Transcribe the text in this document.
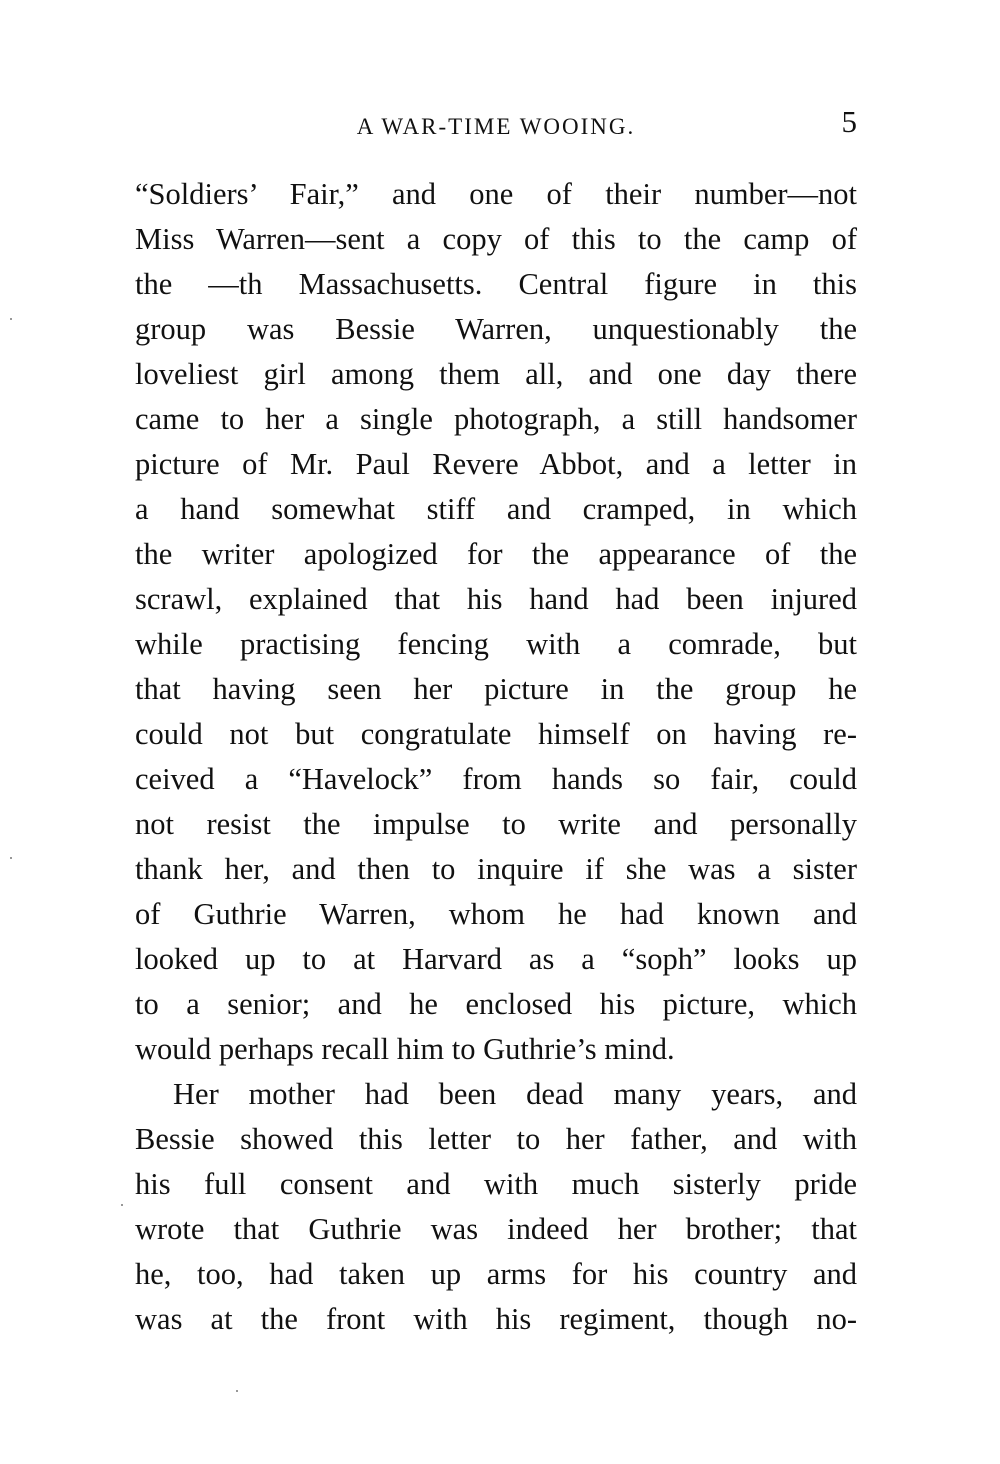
A WAR-TIME WOOING.	5
“Soldiers’ Fair,” and one of their number—not
Miss Warren—sent a copy of this to the camp of
the —th Massachusetts. Central figure in this
group was Bessie Warren, unquestionably the
loveliest girl among them all, and one day there
came to her a single photograph, a still handsomer
picture of Mr. Paul Revere Abbot, and a letter in
a hand somewhat stiff and cramped, in which
the writer apologized for the appearance of the
scrawl, explained that his hand had been injured
while practising fencing with a comrade, but
that having seen her picture in the group he
could not but congratulate himself on having re-
ceived a “Havelock” from hands so fair, could
not resist the impulse to write and personally
thank her, and then to inquire if she was a sister
of Guthrie Warren, whom he had known and
looked up to at Harvard as a “soph” looks up
to a senior; and he enclosed his picture, which
would perhaps recall him to Guthrie’s mind.
Her mother had been dead many years, and
Bessie showed this letter to her father, and with
his full consent and with much sisterly pride
wrote that Guthrie was indeed her brother; that
he, too, had taken up arms for his country and
was at the front with his regiment, though no-
